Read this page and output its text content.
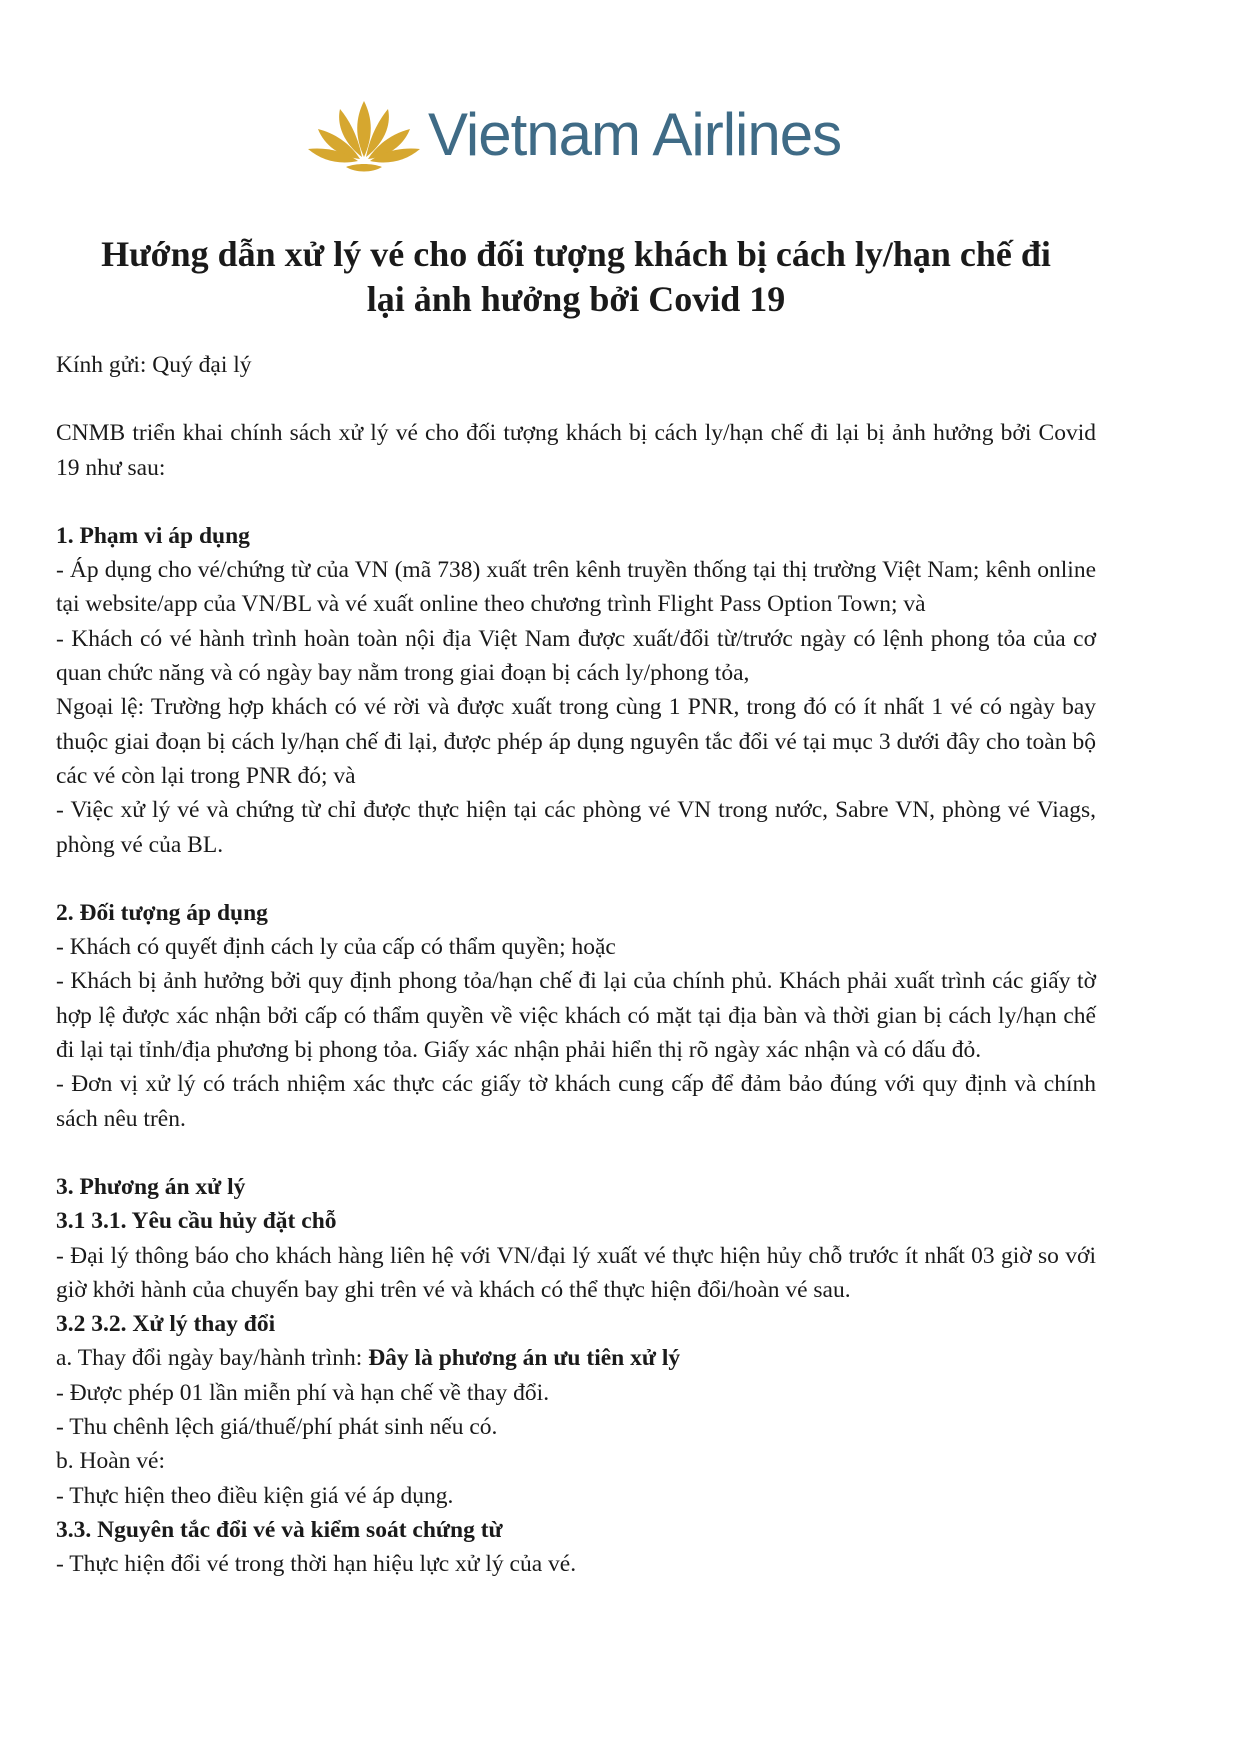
Vietnam Airlines
Hướng dẫn xử lý vé cho đối tượng khách bị cách ly/hạn chế đi
lại ảnh hưởng bởi Covid 19

Kính gửi: Quý đại lý

CNMB triển khai chính sách xử lý vé cho đối tượng khách bị cách ly/hạn chế đi lại bị ảnh hưởng bởi Covid 19 như sau:

1. Phạm vi áp dụng

- Áp dụng cho vé/chứng từ của VN (mã 738) xuất trên kênh truyền thống tại thị trường Việt Nam; kênh online tại website/app của VN/BL và vé xuất online theo chương trình Flight Pass Option Town; và

- Khách có vé hành trình hoàn toàn nội địa Việt Nam được xuất/đổi từ/trước ngày có lệnh phong tỏa của cơ quan chức năng và có ngày bay nằm trong giai đoạn bị cách ly/phong tỏa,

Ngoại lệ: Trường hợp khách có vé rời và được xuất trong cùng 1 PNR, trong đó có ít nhất 1 vé có ngày bay thuộc giai đoạn bị cách ly/hạn chế đi lại, được phép áp dụng nguyên tắc đổi vé tại mục 3 dưới đây cho toàn bộ các vé còn lại trong PNR đó; và

- Việc xử lý vé và chứng từ chỉ được thực hiện tại các phòng vé VN trong nước, Sabre VN, phòng vé Viags, phòng vé của BL.

2. Đối tượng áp dụng

- Khách có quyết định cách ly của cấp có thẩm quyền; hoặc

- Khách bị ảnh hưởng bởi quy định phong tỏa/hạn chế đi lại của chính phủ. Khách phải xuất trình các giấy tờ hợp lệ được xác nhận bởi cấp có thẩm quyền về việc khách có mặt tại địa bàn và thời gian bị cách ly/hạn chế đi lại tại tỉnh/địa phương bị phong tỏa. Giấy xác nhận phải hiển thị rõ ngày xác nhận và có dấu đỏ.

- Đơn vị xử lý có trách nhiệm xác thực các giấy tờ khách cung cấp để đảm bảo đúng với quy định và chính sách nêu trên.

3. Phương án xử lý

3.1 3.1. Yêu cầu hủy đặt chỗ

- Đại lý thông báo cho khách hàng liên hệ với VN/đại lý xuất vé thực hiện hủy chỗ trước ít nhất 03 giờ so với giờ khởi hành của chuyến bay ghi trên vé và khách có thể thực hiện đổi/hoàn vé sau.

3.2 3.2. Xử lý thay đổi

a. Thay đổi ngày bay/hành trình: Đây là phương án ưu tiên xử lý

- Được phép 01 lần miễn phí và hạn chế về thay đổi.

- Thu chênh lệch giá/thuế/phí phát sinh nếu có.

b. Hoàn vé:

- Thực hiện theo điều kiện giá vé áp dụng.

3.3. Nguyên tắc đổi vé và kiểm soát chứng từ

- Thực hiện đổi vé trong thời hạn hiệu lực xử lý của vé.
